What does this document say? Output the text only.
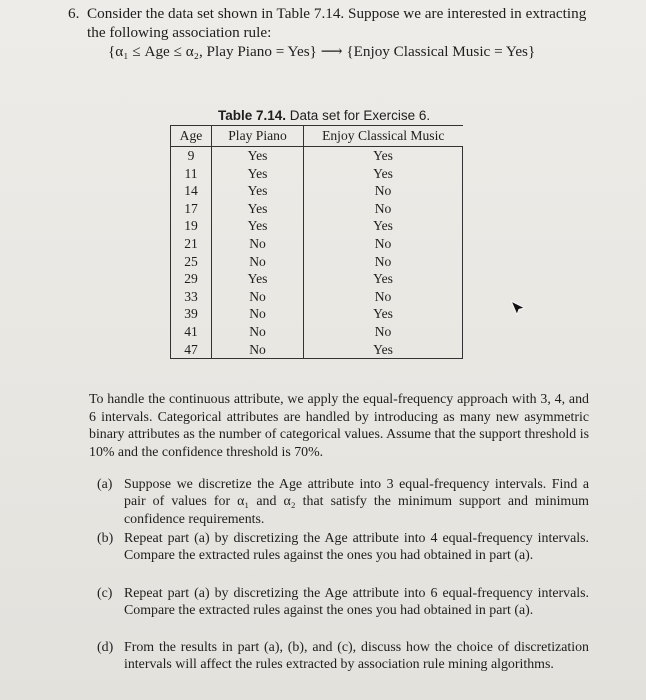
6. Consider the data set shown in Table 7.14. Suppose we are interested in extracting the following association rule:
{α₁ ≤ Age ≤ α₂, Play Piano = Yes} ⟶ {Enjoy Classical Music = Yes}
Table 7.14. Data set for Exercise 6.
Age	Play Piano	Enjoy Classical Music
9	Yes	Yes
11	Yes	Yes
14	Yes	No
17	Yes	No
19	Yes	Yes
21	No	No
25	No	No
29	Yes	Yes
33	No	No
39	No	Yes
41	No	No
47	No	Yes
To handle the continuous attribute, we apply the equal-frequency approach with 3, 4, and 6 intervals. Categorical attributes are handled by introducing as many new asymmetric binary attributes as the number of categorical values. Assume that the support threshold is 10% and the confidence threshold is 70%.
(a) Suppose we discretize the Age attribute into 3 equal-frequency intervals. Find a pair of values for α₁ and α₂ that satisfy the minimum support and minimum confidence requirements.
(b) Repeat part (a) by discretizing the Age attribute into 4 equal-frequency intervals. Compare the extracted rules against the ones you had obtained in part (a).
(c) Repeat part (a) by discretizing the Age attribute into 6 equal-frequency intervals. Compare the extracted rules against the ones you had obtained in part (a).
(d) From the results in part (a), (b), and (c), discuss how the choice of discretization intervals will affect the rules extracted by association rule mining algorithms.
